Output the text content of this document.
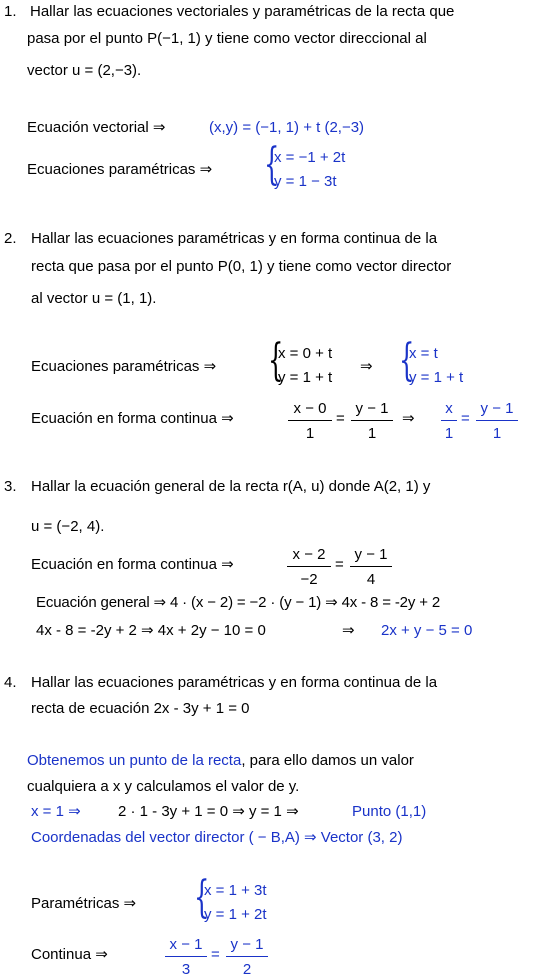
1. Hallar las ecuaciones vectoriales y paramétricas de la recta que
pasa por el punto P(−1, 1) y tiene como vector direccional al
vector u = (2,−3).
Ecuación vectorial ⇒	(x,y) = (−1, 1) + t (2,−3)
Ecuaciones paramétricas ⇒ {
x = −1 + 2t
y = 1 − 3t
2. Hallar las ecuaciones paramétricas y en forma continua de la
recta que pasa por el punto P(0, 1) y tiene como vector director
al vector u = (1, 1).
Ecuaciones paramétricas ⇒ {
x = 0 + t
y = 1 + t
⇒ {
x = t
y = 1 + t
Ecuación en forma continua ⇒
x − 0
1
=
y − 1
1
⇒
x
1
=
y − 1
1
3. Hallar la ecuación general de la recta r(A, u) donde A(2, 1) y
u = (−2, 4).
Ecuación en forma continua ⇒
x − 2
−2
=
y − 1
4
Ecuación general ⇒ 4 · (x − 2) = −2 · (y − 1) ⇒ 4x - 8 = -2y + 2
4x - 8 = -2y + 2 ⇒ 4x + 2y − 10 = 0	⇒ 2x + y − 5 = 0
4. Hallar las ecuaciones paramétricas y en forma continua de la
recta de ecuación 2x - 3y + 1 = 0
Obtenemos un punto de la recta, para ello damos un valor
cualquiera a x y calculamos el valor de y.
x = 1 ⇒ 2 · 1 - 3y + 1 = 0 ⇒ y = 1 ⇒	Punto (1,1)
Coordenadas del vector director ( − B,A) ⇒ Vector (3, 2)
Paramétricas ⇒ {
x = 1 + 3t
y = 1 + 2t
Continua ⇒
x − 1
3
=
y − 1
2
